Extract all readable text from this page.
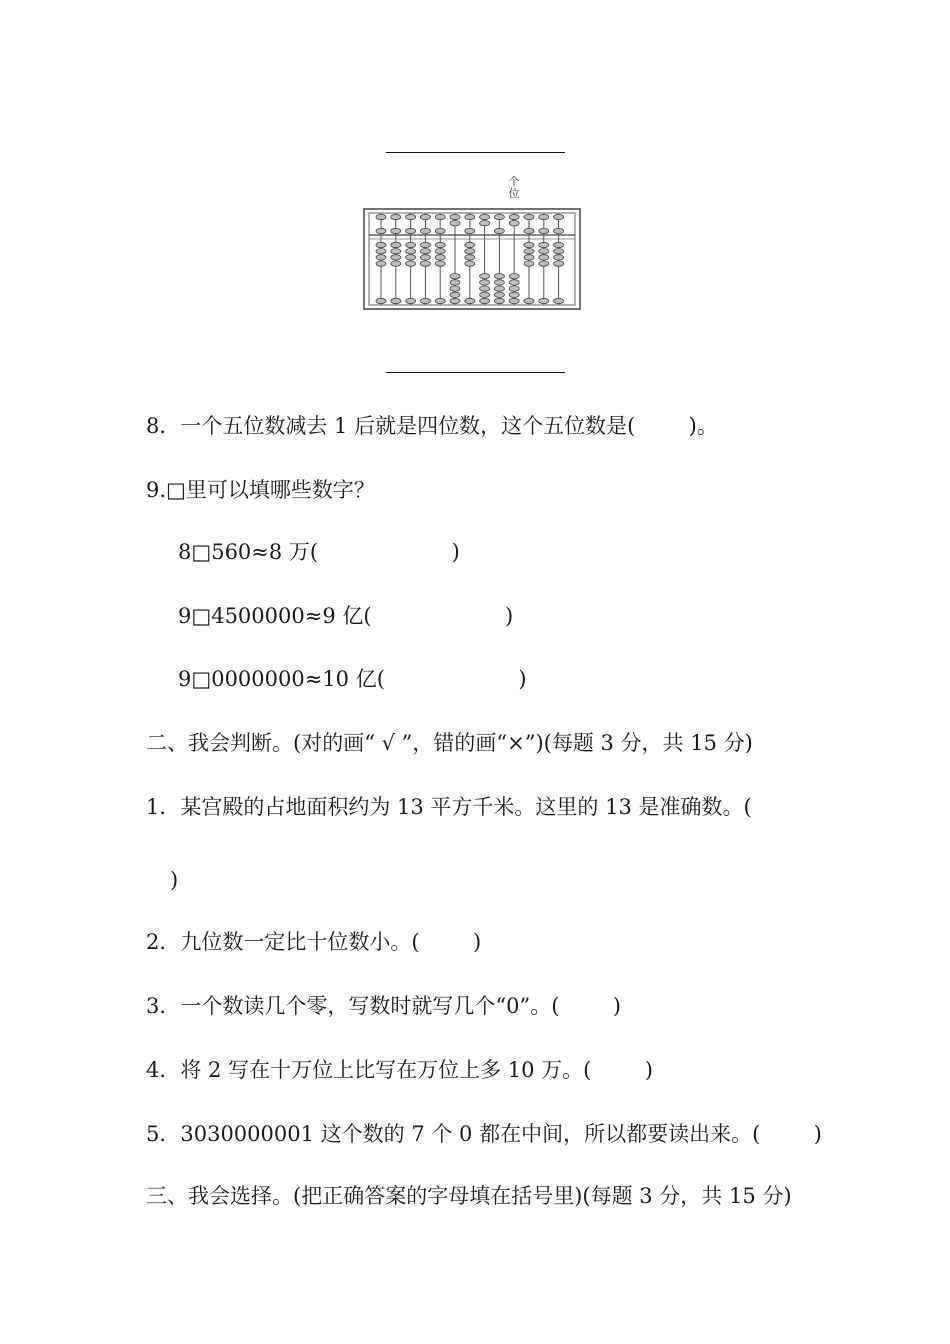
个
位
8．一个五位数减去 1 后就是四位数，这个五位数是(        )。
9.□里可以填哪些数字？
8□560≈8 万(                    )
9□4500000≈9 亿(                    )
9□0000000≈10 亿(                    )
二、我会判断。(对的画“ √ ”，错的画“×”)(每题 3 分，共 15 分)
1．某宫殿的占地面积约为 13 平方千米。这里的 13 是准确数。(
)
2．九位数一定比十位数小。(        )
3．一个数读几个零，写数时就写几个“0”。(        )
4．将 2 写在十万位上比写在万位上多 10 万。(        )
5．3030000001 这个数的 7 个 0 都在中间，所以都要读出来。(        )
三、我会选择。(把正确答案的字母填在括号里)(每题 3 分，共 15 分)
